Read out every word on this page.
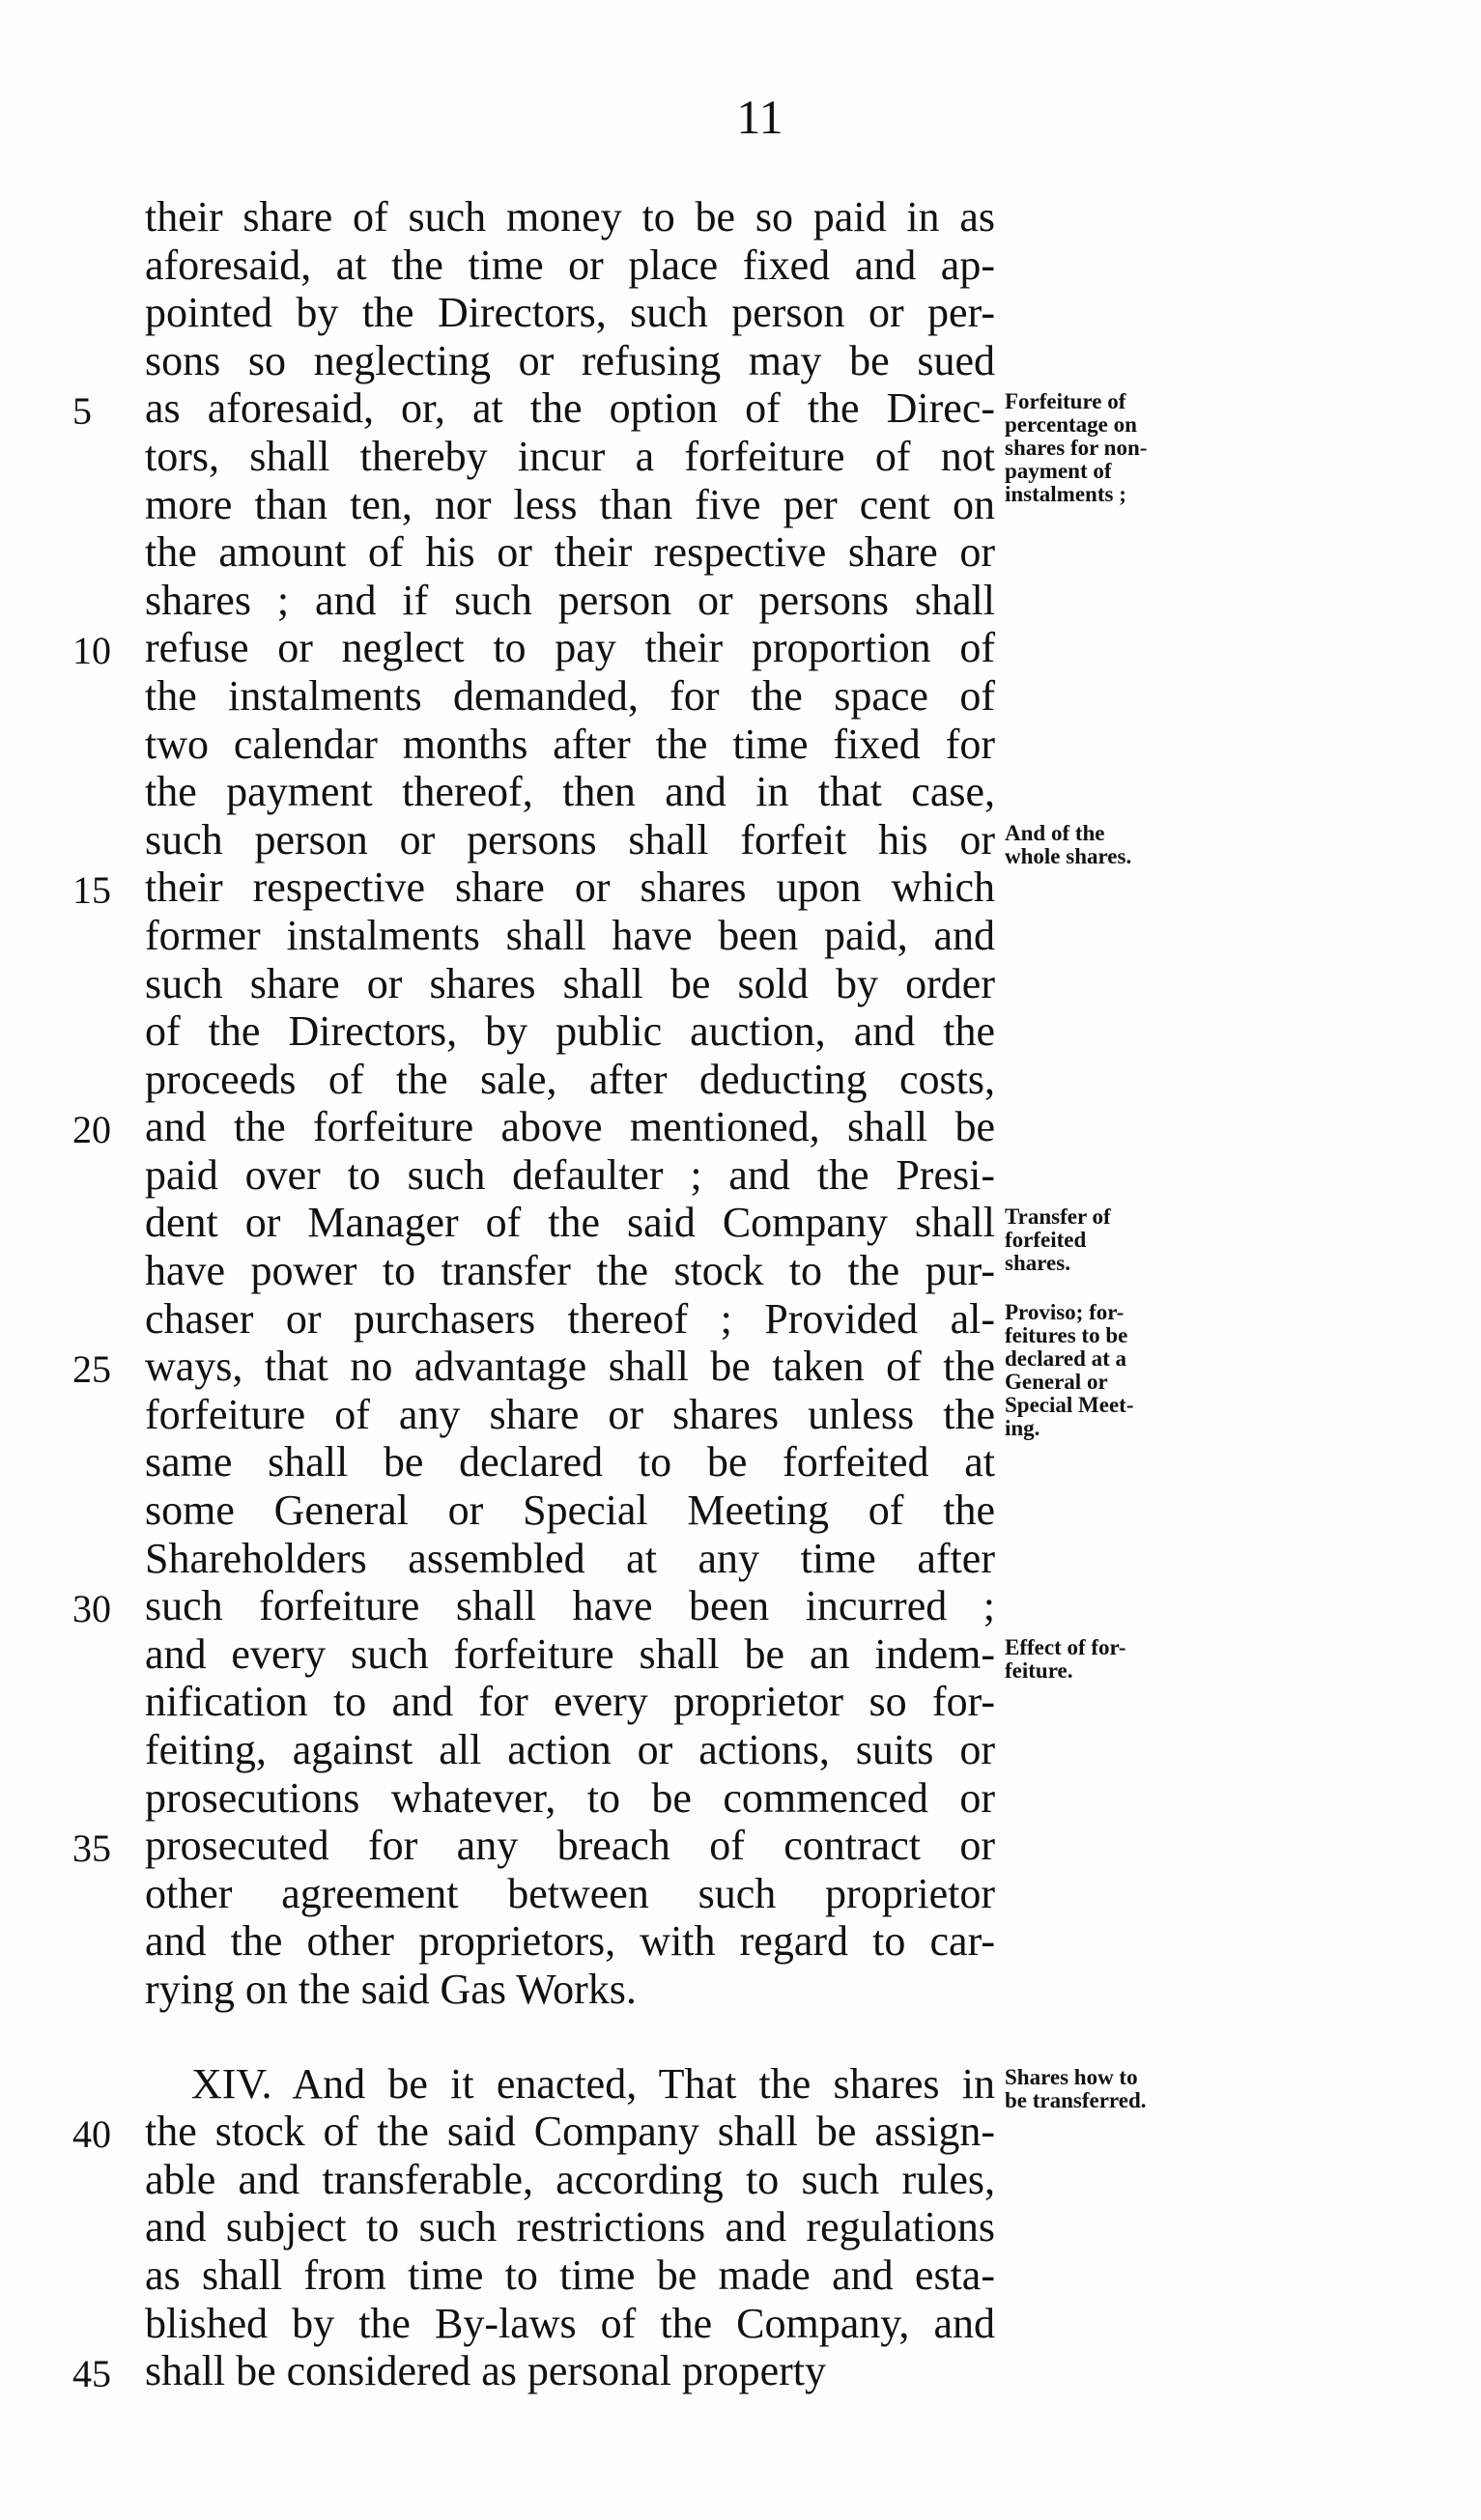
11
their share of such money to be so paid in as
aforesaid, at the time or place fixed and ap-
pointed by the Directors, such person or per-
sons so neglecting or refusing may be sued
as aforesaid, or, at the option of the Direc-
tors, shall thereby incur a forfeiture of not
more than ten, nor less than five per cent on
the amount of his or their respective share or
shares ; and if such person or persons shall
refuse or neglect to pay their proportion of
the instalments demanded, for the space of
two calendar months after the time fixed for
the payment thereof, then and in that case,
such person or persons shall forfeit his or
their respective share or shares upon which
former instalments shall have been paid, and
such share or shares shall be sold by order
of the Directors, by public auction, and the
proceeds of the sale, after deducting costs,
and the forfeiture above mentioned, shall be
paid over to such defaulter ; and the Presi-
dent or Manager of the said Company shall
have power to transfer the stock to the pur-
chaser or purchasers thereof ; Provided al-
ways, that no advantage shall be taken of the
forfeiture of any share or shares unless the
same shall be declared to be forfeited at
some General or Special Meeting of the
Shareholders assembled at any time after
such forfeiture shall have been incurred ;
and every such forfeiture shall be an indem-
nification to and for every proprietor so for-
feiting, against all action or actions, suits or
prosecutions whatever, to be commenced or
prosecuted for any breach of contract or
other agreement between such proprietor
and the other proprietors, with regard to car-
rying on the said Gas Works.
XIV. And be it enacted, That the shares in
the stock of the said Company shall be assign-
able and transferable, according to such rules,
and subject to such restrictions and regulations
as shall from time to time be made and esta-
blished by the By-laws of the Company, and
shall be considered as personal property
5
10
15
20
25
30
35
40
45
Forfeiture of
percentage on
shares for non-
payment of
instalments ;
And of the
whole shares.
Transfer of
forfeited
shares.
Proviso; for-
feitures to be
declared at a
General or
Special Meet-
ing.
Effect of for-
feiture.
Shares how to
be transferred.
